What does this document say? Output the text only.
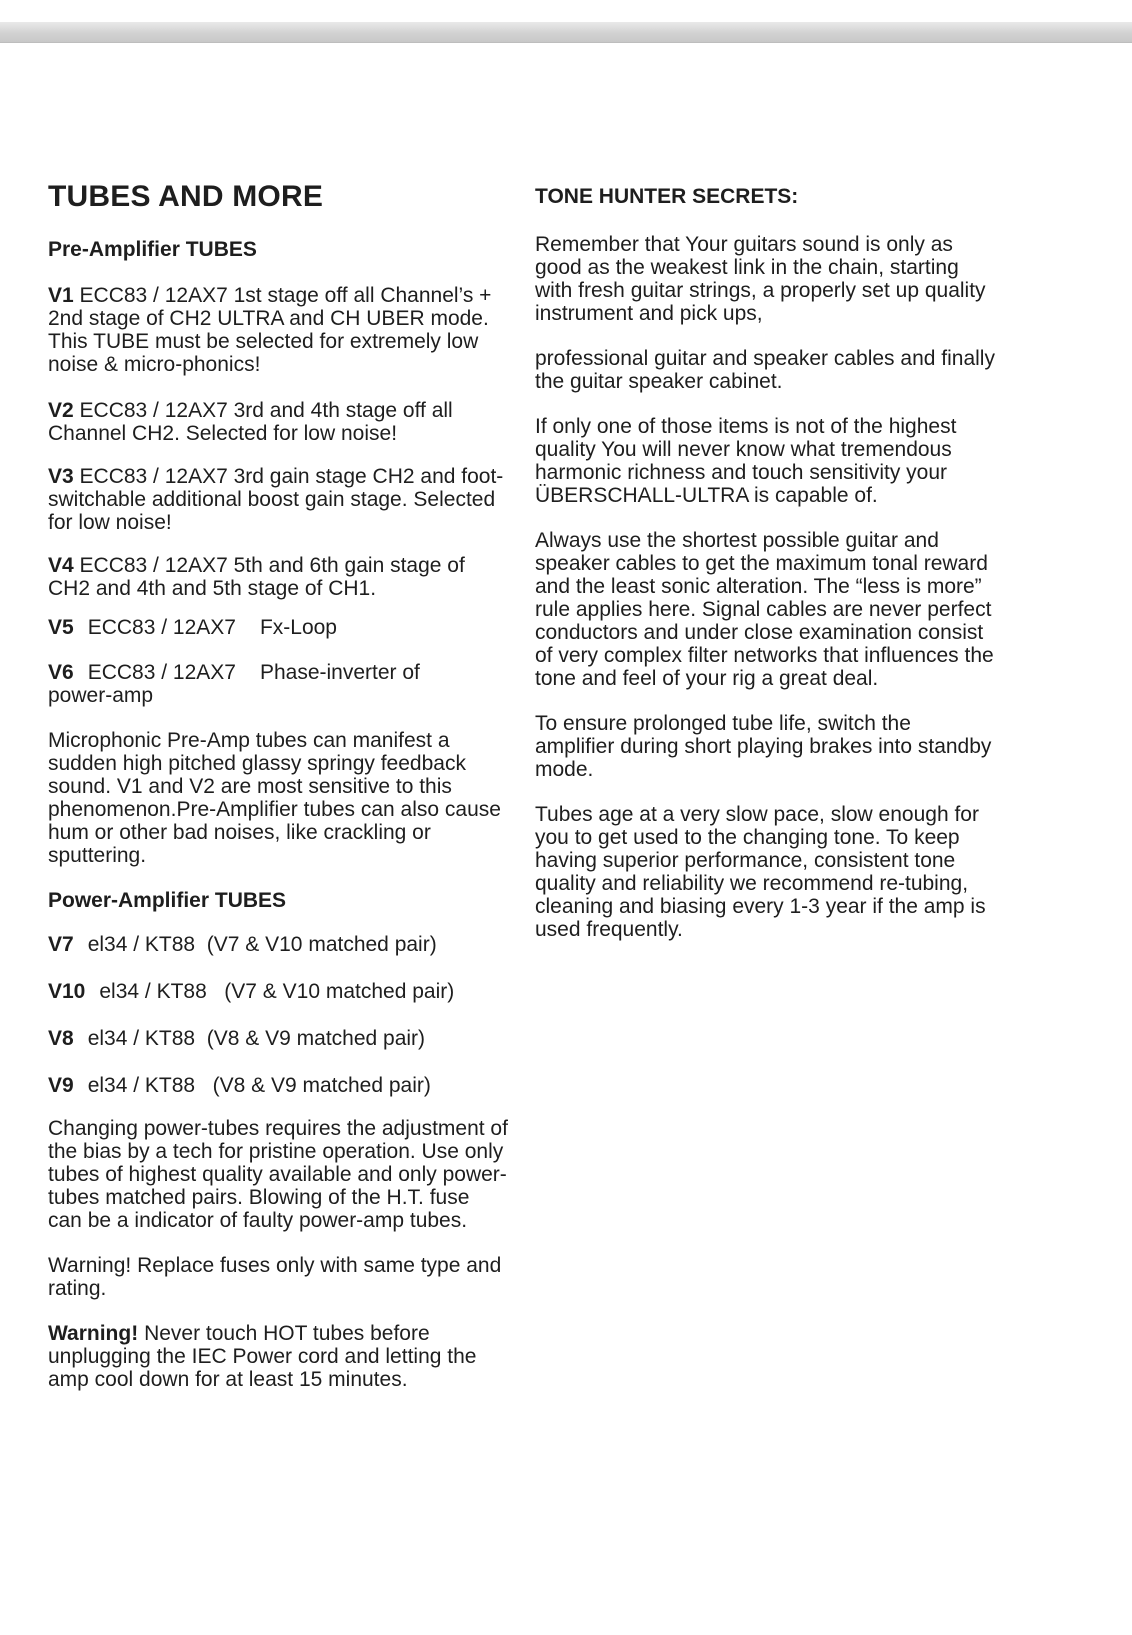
TUBES AND MORE
Pre-Amplifier TUBES

V1 ECC83 / 12AX7 1st stage off all Channel’s + 2nd stage of CH2 ULTRA and CH UBER mode. This TUBE must be selected for extremely low noise & micro-phonics!

V2 ECC83 / 12AX7 3rd and 4th stage off all Channel CH2. Selected for low noise!

V3 ECC83 / 12AX7 3rd gain stage CH2 and foot-switchable additional boost gain stage. Selected for low noise!

V4 ECC83 / 12AX7 5th and 6th gain stage of CH2 and 4th and 5th stage of CH1.

V5 ECC83 / 12AX7 Fx-Loop

V6 ECC83 / 12AX7 Phase-inverter of
power-amp

Microphonic Pre-Amp tubes can manifest a sudden high pitched glassy springy feedback sound. V1 and V2 are most sensitive to this phenomenon.Pre-Amplifier tubes can also cause hum or other bad noises, like crackling or sputtering.

Power-Amplifier TUBES
V7 el34 / KT88 (V7 & V10 matched pair)
V10 el34 / KT88 (V7 & V10 matched pair)
V8 el34 / KT88 (V8 & V9 matched pair)
V9 el34 / KT88 (V8 & V9 matched pair)

Changing power-tubes requires the adjustment of the bias by a tech for pristine operation. Use only tubes of highest quality available and only power-tubes matched pairs. Blowing of the H.T. fuse can be a indicator of faulty power-amp tubes.

Warning! Replace fuses only with same type and rating.

Warning! Never touch HOT tubes before unplugging the IEC Power cord and letting the amp cool down for at least 15 minutes.

TONE HUNTER SECRETS:

Remember that Your guitars sound is only as good as the weakest link in the chain, starting with fresh guitar strings, a properly set up quality instrument and pick ups,

professional guitar and speaker cables and finally the guitar speaker cabinet.

If only one of those items is not of the highest quality You will never know what tremendous harmonic richness and touch sensitivity your ÜBERSCHALL-ULTRA is capable of.

Always use the shortest possible guitar and speaker cables to get the maximum tonal reward and the least sonic alteration. The “less is more” rule applies here. Signal cables are never perfect conductors and under close examination consist of very complex filter networks that influences the tone and feel of your rig a great deal.

To ensure prolonged tube life, switch the amplifier during short playing brakes into standby mode.

Tubes age at a very slow pace, slow enough for you to get used to the changing tone. To keep having superior performance, consistent tone quality and reliability we recommend re-tubing, cleaning and biasing every 1-3 year if the amp is used frequently.
